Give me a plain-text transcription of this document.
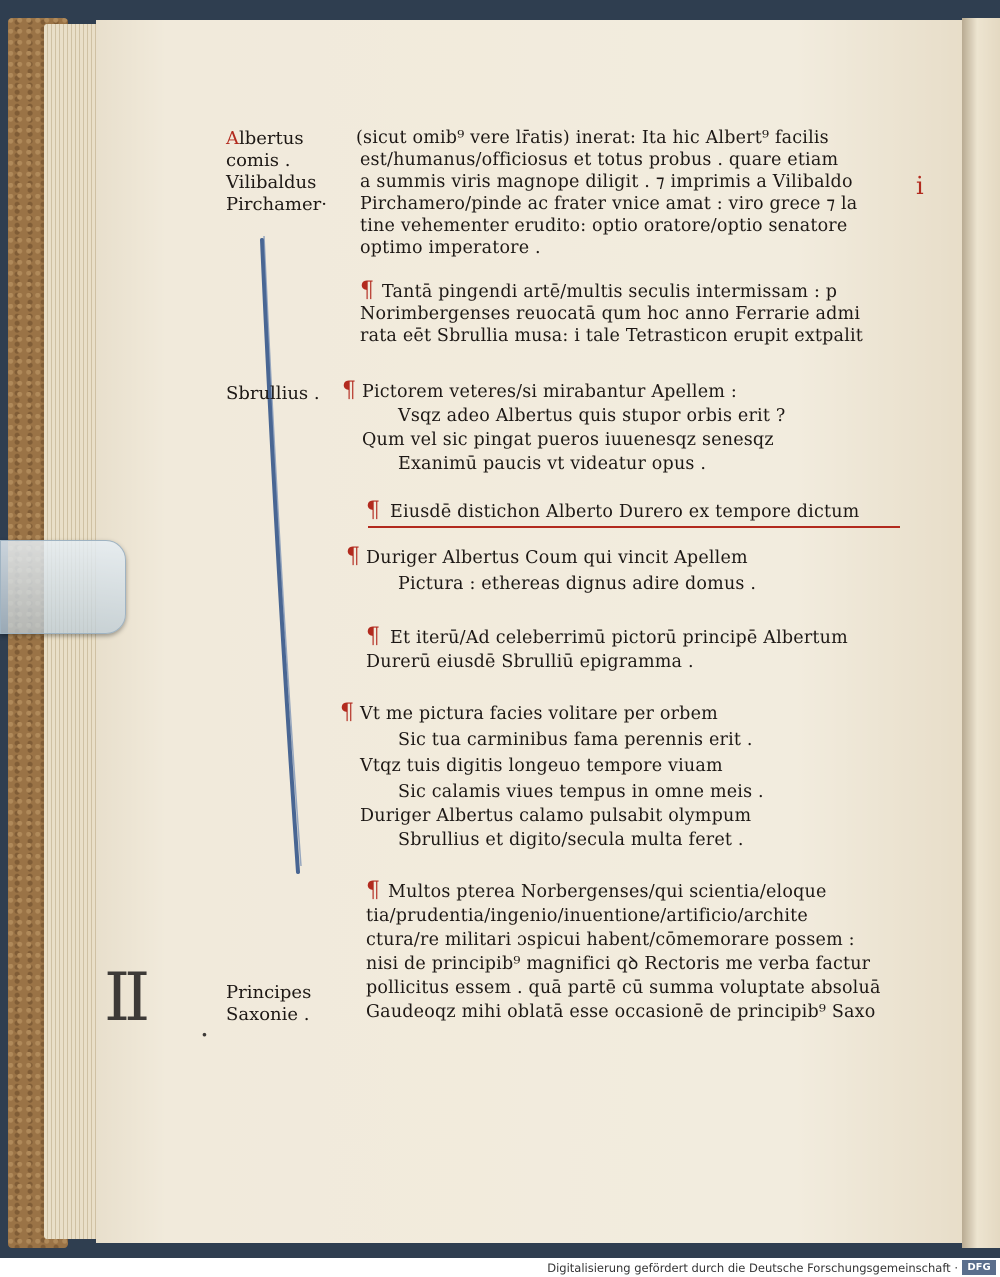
Albertus
comis .
Vilibaldus
Pirchamer·
Sbrullius .
Principes
Saxonie .
(sicut omib⁹ vere lr̄atis) inerat: Ita hic Albert⁹ facilis
est/humanus/officiosus et totus probus . quare etiam
a summis viris magnope diligit . ⁊ imprimis a Vilibaldo
Pirchamero/pinde ac frater vnice amat : viro grece ⁊ la
tine vehementer erudito: optio oratore/optio senatore
optimo imperatore .
¶ Tantā pingendi artē/multis seculis intermissam : p
Norimbergenses reuocatā qum hoc anno Ferrarie admi
rata eēt Sbrullia musa: i tale Tetrasticon erupit extpalit
¶ Pictorem veteres/si mirabantur Apellem :
Vsqz adeo Albertus quis stupor orbis erit ?
Qum vel sic pingat pueros iuuenesqz senesqz
Exanimū paucis vt videatur opus .
¶ Eiusdē distichon Alberto Durero ex tempore dictum
¶ Duriger Albertus Coum qui vincit Apellem
Pictura : ethereas dignus adire domus .
¶ Et iterū/Ad celeberrimū pictorū principē Albertum
Durerū eiusdē Sbrulliū epigramma .
¶ Vt me pictura facies volitare per orbem
Sic tua carminibus fama perennis erit .
Vtqz tuis digitis longeuo tempore viuam
Sic calamis viues tempus in omne meis .
Duriger Albertus calamo pulsabit olympum
Sbrullius et digito/secula multa feret .
¶ Multos pterea Norbergenses/qui scientia/eloque
tia/prudentia/ingenio/inuentione/artificio/archite
ctura/re militari ɔspicui habent/cōmemorare possem :
nisi de principib⁹ magnifici qꝺ Rectoris me verba factur
pollicitus essem . quā partē cū summa voluptate absoluā
Gaudeoqz mihi oblatā esse occasionē de principib⁹ Saxo
II .
i
Digitalisierung gefördert durch die Deutsche Forschungsgemeinschaft · DFG
